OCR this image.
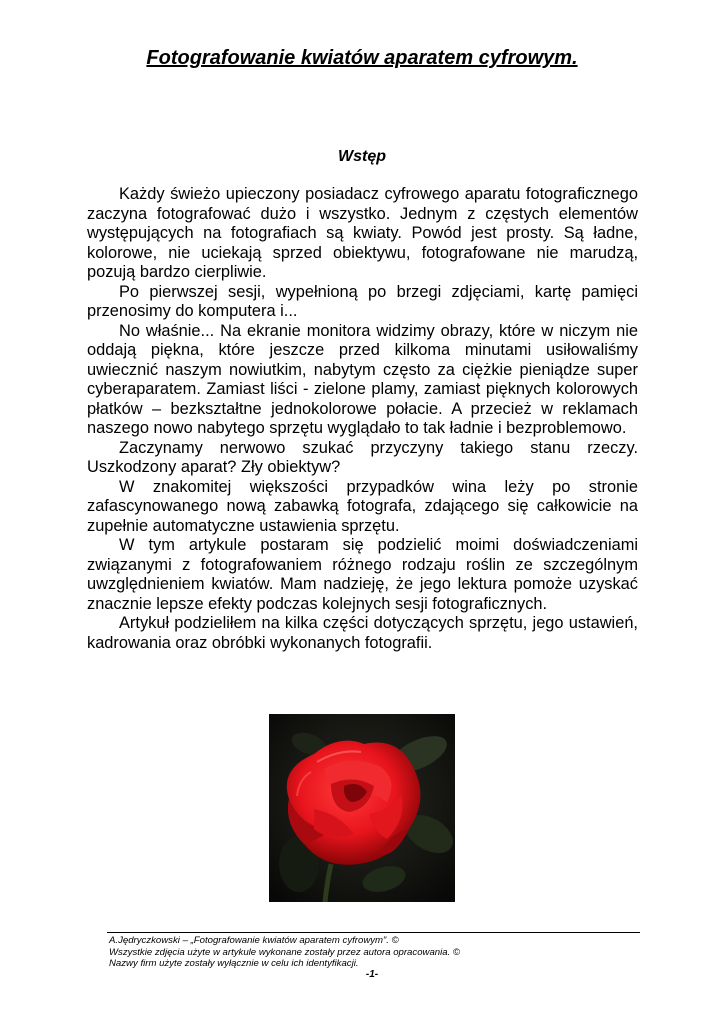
Fotografowanie kwiatów aparatem cyfrowym.
Wstęp

Każdy świeżo upieczony posiadacz cyfrowego aparatu fotograficznego zaczyna fotografować dużo i wszystko. Jednym z częstych elementów występujących na fotografiach są kwiaty. Powód jest prosty. Są ładne, kolorowe, nie uciekają sprzed obiektywu, fotografowane nie marudzą, pozują bardzo cierpliwie.

Po pierwszej sesji, wypełnioną po brzegi zdjęciami, kartę pamięci przenosimy do komputera i...

No właśnie... Na ekranie monitora widzimy obrazy, które w niczym nie oddają piękna, które jeszcze przed kilkoma minutami usiłowaliśmy uwiecznić naszym nowiutkim, nabytym często za ciężkie pieniądze super cyberaparatem. Zamiast liści - zielone plamy, zamiast pięknych kolorowych płatków – bezkształtne jednokolorowe połacie. A przecież w reklamach naszego nowo nabytego sprzętu wyglądało to tak ładnie i bezproblemowo.

Zaczynamy nerwowo szukać przyczyny takiego stanu rzeczy. Uszkodzony aparat? Zły obiektyw?

W znakomitej większości przypadków wina leży po stronie zafascynowanego nową zabawką fotografa, zdającego się całkowicie na zupełnie automatyczne ustawienia sprzętu.

W tym artykule postaram się podzielić moimi doświadczeniami związanymi z fotografowaniem różnego rodzaju roślin ze szczególnym uwzględnieniem kwiatów. Mam nadzieję, że jego lektura pomoże uzyskać znacznie lepsze efekty podczas kolejnych sesji fotograficznych.

Artykuł podzieliłem na kilka części dotyczących sprzętu, jego ustawień, kadrowania oraz obróbki wykonanych fotografii.

A.Jędryczkowski – „Fotografowanie kwiatów aparatem cyfrowym”. ©
Wszystkie zdjęcia użyte w artykule wykonane zostały przez autora opracowania. ©
Nazwy firm użyte zostały wyłącznie w celu ich identyfikacji.
-1-
